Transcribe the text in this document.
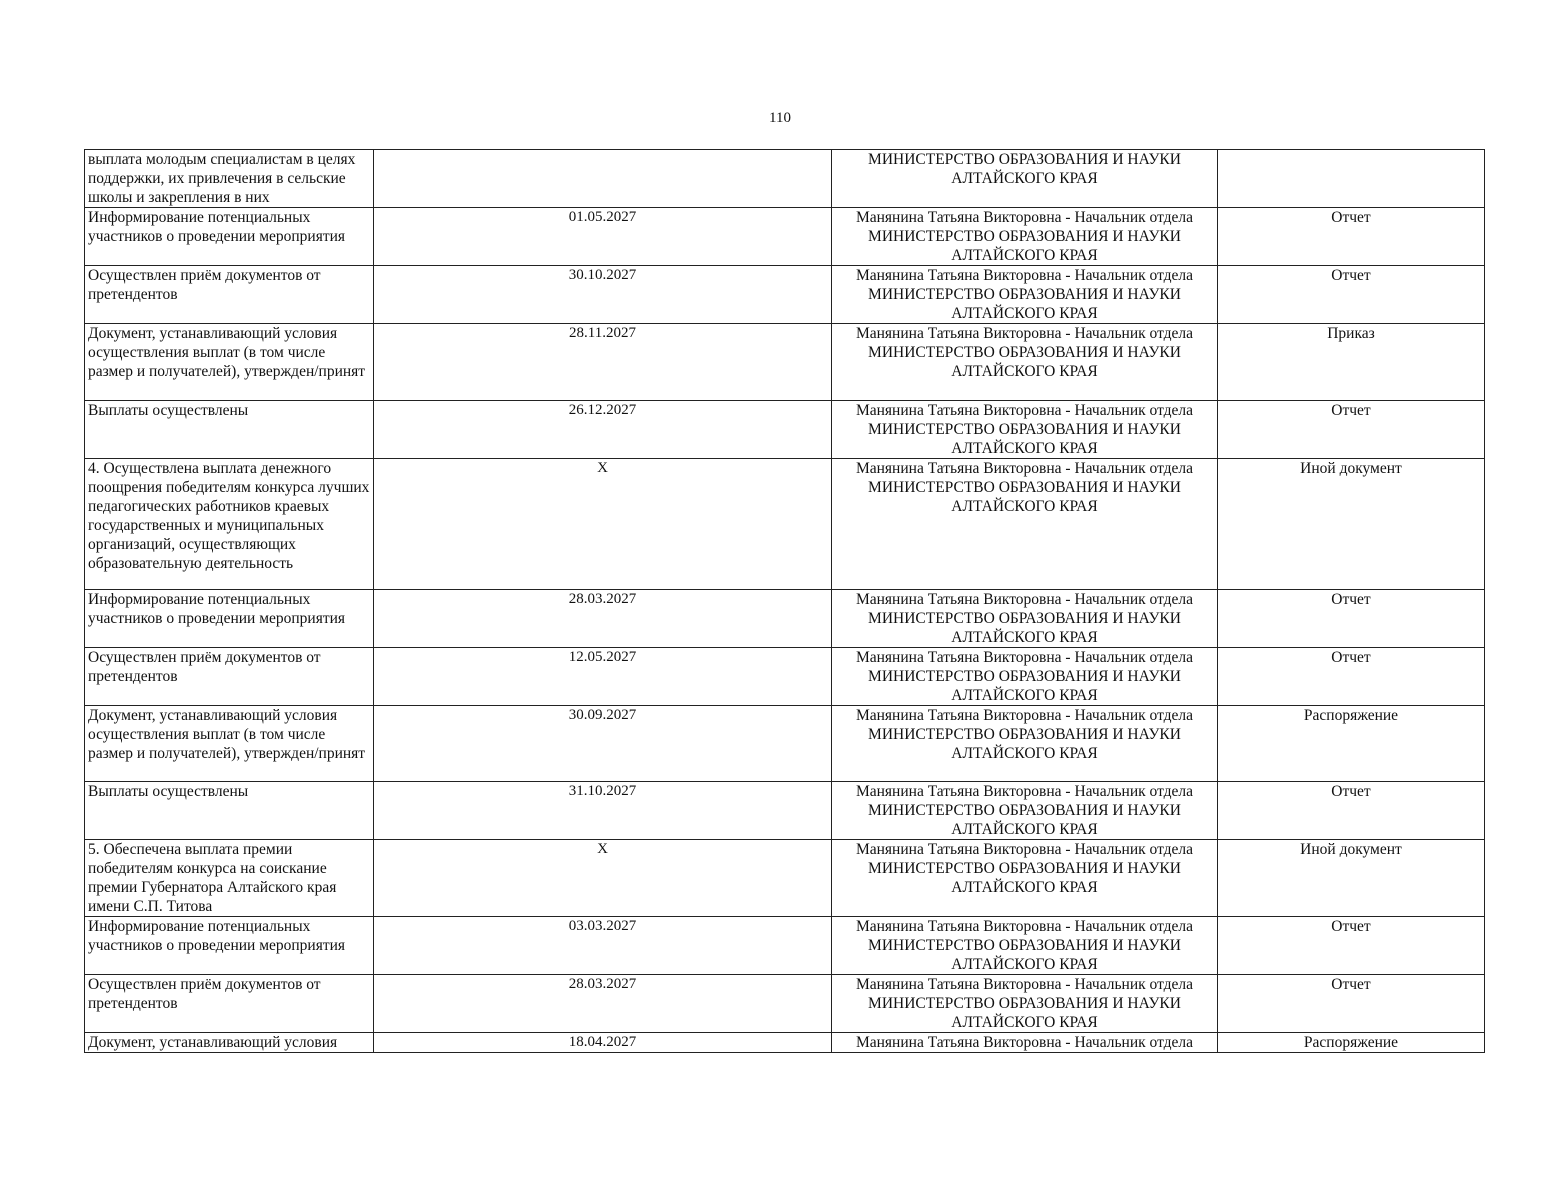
110
выплата молодым специалистам в целях поддержки, их привлечения в сельские школы и закрепления в них		МИНИСТЕРСТВО ОБРАЗОВАНИЯ И НАУКИ АЛТАЙСКОГО КРАЯ	
Информирование потенциальных участников о проведении мероприятия	01.05.2027	Манянина Татьяна Викторовна - Начальник отдела МИНИСТЕРСТВО ОБРАЗОВАНИЯ И НАУКИ АЛТАЙСКОГО КРАЯ	Отчет
Осуществлен приём документов от претендентов	30.10.2027	Манянина Татьяна Викторовна - Начальник отдела МИНИСТЕРСТВО ОБРАЗОВАНИЯ И НАУКИ АЛТАЙСКОГО КРАЯ	Отчет
Документ, устанавливающий условия осуществления выплат (в том числе размер и получателей), утвержден/принят	28.11.2027	Манянина Татьяна Викторовна - Начальник отдела МИНИСТЕРСТВО ОБРАЗОВАНИЯ И НАУКИ АЛТАЙСКОГО КРАЯ	Приказ
Выплаты осуществлены	26.12.2027	Манянина Татьяна Викторовна - Начальник отдела МИНИСТЕРСТВО ОБРАЗОВАНИЯ И НАУКИ АЛТАЙСКОГО КРАЯ	Отчет
4. Осуществлена выплата денежного поощрения победителям конкурса лучших педагогических работников краевых государственных и муниципальных организаций, осуществляющих образовательную деятельность	X	Манянина Татьяна Викторовна - Начальник отдела МИНИСТЕРСТВО ОБРАЗОВАНИЯ И НАУКИ АЛТАЙСКОГО КРАЯ	Иной документ
Информирование потенциальных участников о проведении мероприятия	28.03.2027	Манянина Татьяна Викторовна - Начальник отдела МИНИСТЕРСТВО ОБРАЗОВАНИЯ И НАУКИ АЛТАЙСКОГО КРАЯ	Отчет
Осуществлен приём документов от претендентов	12.05.2027	Манянина Татьяна Викторовна - Начальник отдела МИНИСТЕРСТВО ОБРАЗОВАНИЯ И НАУКИ АЛТАЙСКОГО КРАЯ	Отчет
Документ, устанавливающий условия осуществления выплат (в том числе размер и получателей), утвержден/принят	30.09.2027	Манянина Татьяна Викторовна - Начальник отдела МИНИСТЕРСТВО ОБРАЗОВАНИЯ И НАУКИ АЛТАЙСКОГО КРАЯ	Распоряжение
Выплаты осуществлены	31.10.2027	Манянина Татьяна Викторовна - Начальник отдела МИНИСТЕРСТВО ОБРАЗОВАНИЯ И НАУКИ АЛТАЙСКОГО КРАЯ	Отчет
5. Обеспечена выплата премии победителям конкурса на соискание премии Губернатора Алтайского края имени С.П. Титова	X	Манянина Татьяна Викторовна - Начальник отдела МИНИСТЕРСТВО ОБРАЗОВАНИЯ И НАУКИ АЛТАЙСКОГО КРАЯ	Иной документ
Информирование потенциальных участников о проведении мероприятия	03.03.2027	Манянина Татьяна Викторовна - Начальник отдела МИНИСТЕРСТВО ОБРАЗОВАНИЯ И НАУКИ АЛТАЙСКОГО КРАЯ	Отчет
Осуществлен приём документов от претендентов	28.03.2027	Манянина Татьяна Викторовна - Начальник отдела МИНИСТЕРСТВО ОБРАЗОВАНИЯ И НАУКИ АЛТАЙСКОГО КРАЯ	Отчет
Документ, устанавливающий условия	18.04.2027	Манянина Татьяна Викторовна - Начальник отдела	Распоряжение
